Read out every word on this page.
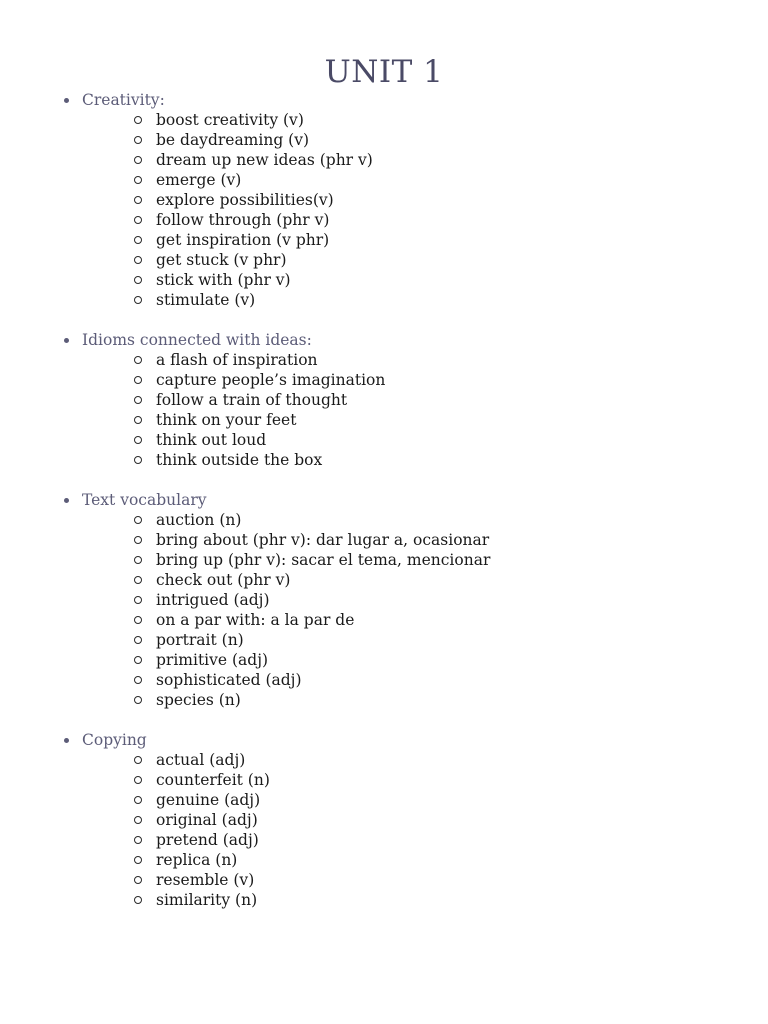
UNIT 1
Creativity:
boost creativity (v)
be daydreaming (v)
dream up new ideas (phr v)
emerge (v)
explore possibilities(v)
follow through (phr v)
get inspiration (v phr)
get stuck (v phr)
stick with (phr v)
stimulate (v)
Idioms connected with ideas:
a flash of inspiration
capture people’s imagination
follow a train of thought
think on your feet
think out loud
think outside the box
Text vocabulary
auction (n)
bring about (phr v): dar lugar a, ocasionar
bring up (phr v): sacar el tema, mencionar
check out (phr v)
intrigued (adj)
on a par with: a la par de
portrait (n)
primitive (adj)
sophisticated (adj)
species (n)
Copying
actual (adj)
counterfeit (n)
genuine (adj)
original (adj)
pretend (adj)
replica (n)
resemble (v)
similarity (n)
